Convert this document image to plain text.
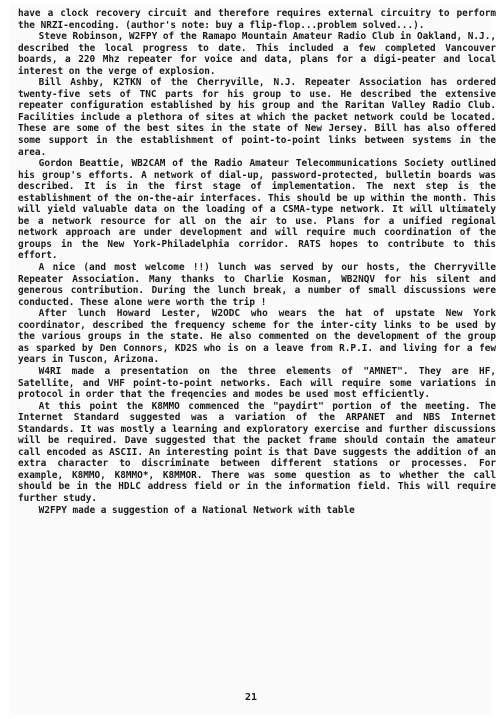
have a clock recovery circuit and therefore requires external circuitry to perform the NRZI-encoding. (author's note: buy a flip-flop...problem solved...).

Steve Robinson, W2FPY of the Ramapo Mountain Amateur Radio Club in Oakland, N.J., described the local progress to date. This included a few completed Vancouver boards, a 220 Mhz repeater for voice and data, plans for a digi-peater and local interest on the verge of explosion.

Bill Ashby, K2TKN of the Cherryville, N.J. Repeater Association has ordered twenty-five sets of TNC parts for his group to use. He described the extensive repeater configuration established by his group and the Raritan Valley Radio Club. Facilities include a plethora of sites at which the packet network could be located. These are some of the best sites in the state of New Jersey. Bill has also offered some support in the establishment of point-to-point links between systems in the area.

Gordon Beattie, WB2CAM of the Radio Amateur Telecommunications Society outlined his group's efforts. A network of dial-up, password-protected, bulletin boards was described. It is in the first stage of implementation. The next step is the establishment of the on-the-air interfaces. This should be up within the month. This will yield valuable data on the loading of a CSMA-type network. It will ultimately be a network resource for all on the air to use. Plans for a unified regional network approach are under development and will require much coordination of the groups in the New York-Philadelphia corridor. RATS hopes to contribute to this effort.

A nice (and most welcome !!) lunch was served by our hosts, the Cherryville Repeater Association. Many thanks to Charlie Kosman, WB2NQV for his silent and generous contribution. During the lunch break, a number of small discussions were conducted. These alone were worth the trip !

After lunch Howard Lester, W2ODC who wears the hat of upstate New York coordinator, described the frequency scheme for the inter-city links to be used by the various groups in the state. He also commented on the development of the group as sparked by Den Connors, KD2S who is on a leave from R.P.I. and living for a few years in Tuscon, Arizona.

W4RI made a presentation on the three elements of "AMNET". They are HF, Satellite, and VHF point-to-point networks. Each will require some variations in protocol in order that the freqencies and modes be used most efficiently.

At this point the K8MMO commenced the "paydirt" portion of the meeting. The Internet Standard suggested was a variation of the ARPANET and NBS Internet Standards. It was mostly a learning and exploratory exercise and further discussions will be required. Dave suggested that the packet frame should contain the amateur call encoded as ASCII. An interesting point is that Dave suggests the addition of an extra character to discriminate between different stations or processes. For example, K8MMO, K8MMO*, K8MMOR. There was some question as to whether the call should be in the HDLC address field or in the information field. This will require further study.

W2FPY made a suggestion of a National Network with table

21
